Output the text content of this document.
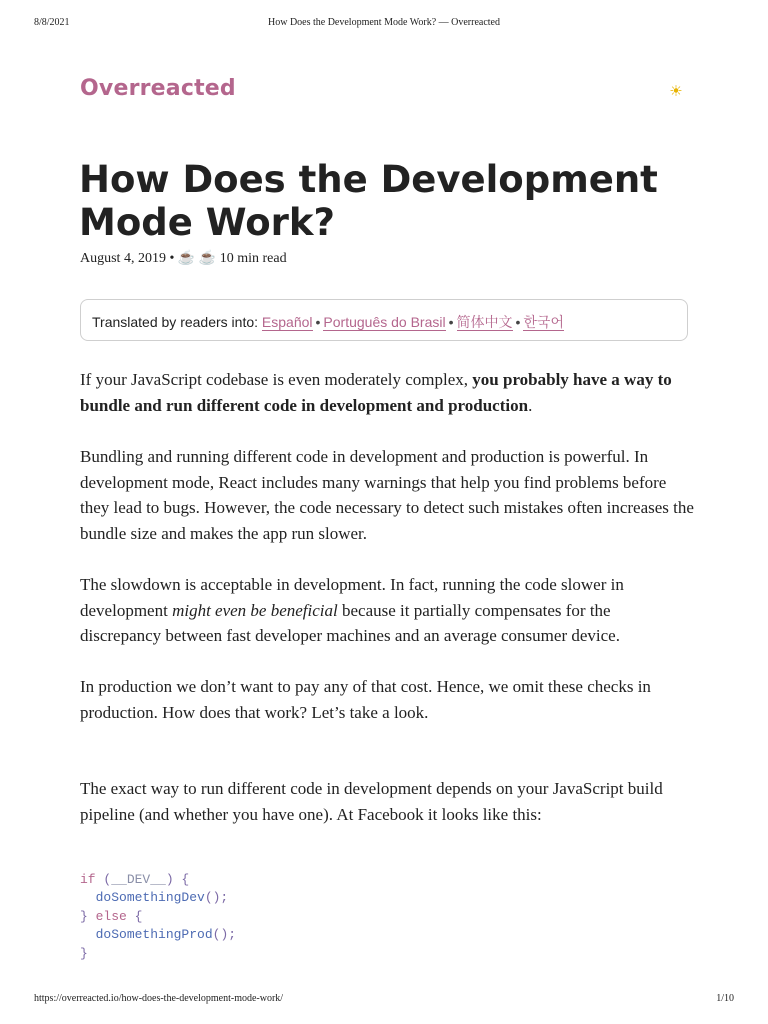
8/8/2021	How Does the Development Mode Work? — Overreacted
Overreacted	☀
How Does the Development Mode Work?
August 4, 2019 • ☕️ ☕️ 10 min read
Translated by readers into: Español • Português do Brasil • 简体中文 • 한국어

If your JavaScript codebase is even moderately complex, you probably have a way to bundle and run different code in development and production.

Bundling and running different code in development and production is powerful. In development mode, React includes many warnings that help you find problems before they lead to bugs. However, the code necessary to detect such mistakes often increases the bundle size and makes the app run slower.

The slowdown is acceptable in development. In fact, running the code slower in development might even be beneficial because it partially compensates for the discrepancy between fast developer machines and an average consumer device.

In production we don’t want to pay any of that cost. Hence, we omit these checks in production. How does that work? Let’s take a look.

The exact way to run different code in development depends on your JavaScript build pipeline (and whether you have one). At Facebook it looks like this:

if (__DEV__) {
doSomethingDev();
} else {
doSomethingProd();
}
https://overreacted.io/how-does-the-development-mode-work/	1/10
